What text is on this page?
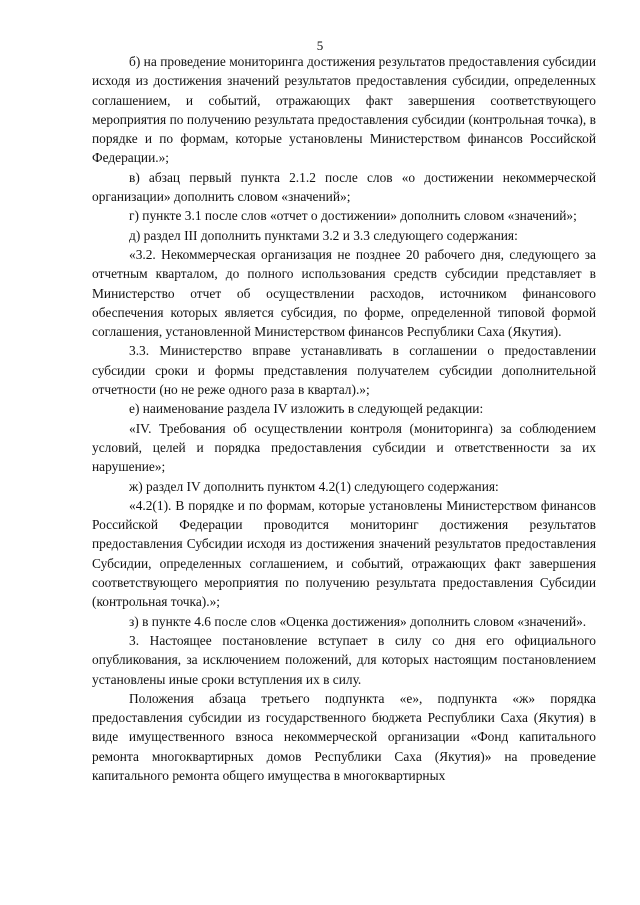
5

б) на проведение мониторинга достижения результатов предоставления субсидии исходя из достижения значений результатов предоставления субсидии, определенных соглашением, и событий, отражающих факт завершения соответствующего мероприятия по получению результата предоставления субсидии (контрольная точка), в порядке и по формам, которые установлены Министерством финансов Российской Федерации.»;

в) абзац первый пункта 2.1.2 после слов «о достижении некоммерческой организации» дополнить словом «значений»;

г) пункте 3.1 после слов «отчет о достижении» дополнить словом «значений»;

д) раздел III дополнить пунктами 3.2 и 3.3 следующего содержания:

«3.2. Некоммерческая организация не позднее 20 рабочего дня, следующего за отчетным кварталом, до полного использования средств субсидии представляет в Министерство отчет об осуществлении расходов, источником финансового обеспечения которых является субсидия, по форме, определенной типовой формой соглашения, установленной Министерством финансов Республики Саха (Якутия).

3.3. Министерство вправе устанавливать в соглашении о предоставлении субсидии сроки и формы представления получателем субсидии дополнительной отчетности (но не реже одного раза в квартал).»;

е) наименование раздела IV изложить в следующей редакции:

«IV. Требования об осуществлении контроля (мониторинга) за соблюдением условий, целей и порядка предоставления субсидии и ответственности за их нарушение»;

ж) раздел IV дополнить пунктом 4.2(1) следующего содержания:

«4.2(1). В порядке и по формам, которые установлены Министерством финансов Российской Федерации проводится мониторинг достижения результатов предоставления Субсидии исходя из достижения значений результатов предоставления Субсидии, определенных соглашением, и событий, отражающих факт завершения соответствующего мероприятия по получению результата предоставления Субсидии (контрольная точка).»;

з) в пункте 4.6 после слов «Оценка достижения» дополнить словом «значений».

3. Настоящее постановление вступает в силу со дня его официального опубликования, за исключением положений, для которых настоящим постановлением установлены иные сроки вступления их в силу.

Положения абзаца третьего подпункта «е», подпункта «ж» порядка предоставления субсидии из государственного бюджета Республики Саха (Якутия) в виде имущественного взноса некоммерческой организации «Фонд капитального ремонта многоквартирных домов Республики Саха (Якутия)» на проведение капитального ремонта общего имущества в многоквартирных
